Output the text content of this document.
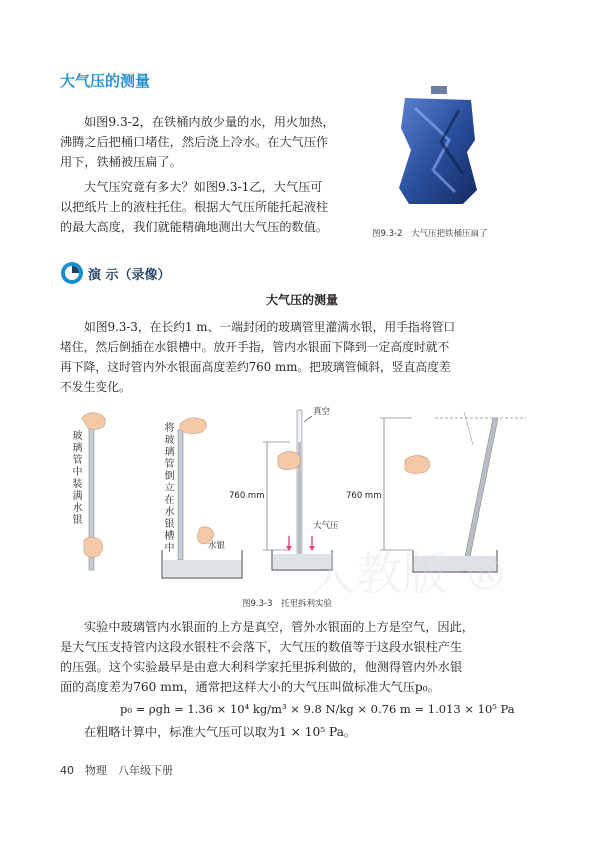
大气压的测量
如图9.3-2，在铁桶内放少量的水，用火加热，
沸腾之后把桶口堵住，然后浇上冷水。在大气压作
用下，铁桶被压扁了。
大气压究竟有多大？如图9.3-1乙，大气压可
以把纸片上的液柱托住。根据大气压所能托起液柱
的最大高度，我们就能精确地测出大气压的数值。	图9.3-2　大气压把铁桶压扁了
演 示（录像）
大气压的测量
如图9.3-3，在长约1 m、一端封闭的玻璃管里灌满水银，用手指将管口
堵住，然后倒插在水银槽中。放开手指，管内水银面下降到一定高度时就不
再下降，这时管内外水银面高度差约760 mm。把玻璃管倾斜，竖直高度差
不发生变化。
玻璃管中装满水银	将玻璃管倒立在水银槽中
人教版 ®
水银
真空
760 mm
大气压
760 mm
图9.3-3　托里拆利实验
实验中玻璃管内水银面的上方是真空，管外水银面的上方是空气，因此，
是大气压支持管内这段水银柱不会落下，大气压的数值等于这段水银柱产生
的压强。这个实验最早是由意大利科学家托里拆利做的，他测得管内外水银
面的高度差为760 mm，通常把这样大小的大气压叫做标准大气压p₀。
p₀ = ρgh = 1.36 × 10⁴ kg/m³ × 9.8 N/kg × 0.76 m = 1.013 × 10⁵ Pa
在粗略计算中，标准大气压可以取为1 × 10⁵ Pa。
40　 物理　八年级下册
